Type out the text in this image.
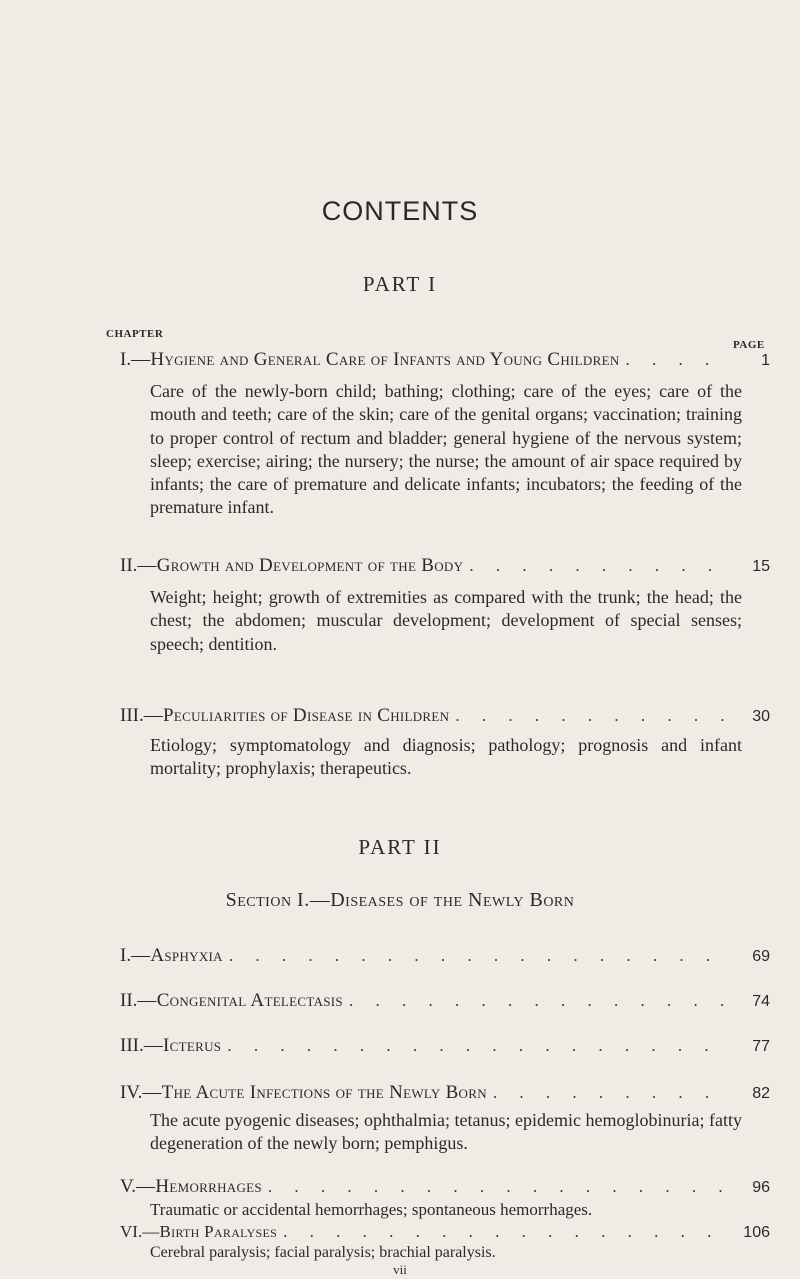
CONTENTS
PART I
CHAPTER
PAGE
I. —Hygiene and General Care of Infants and Young Children . . .	1
Care of the newly-born child; bathing; clothing; care of the eyes; care of the mouth and teeth; care of the skin; care of the genital organs; vaccination; training to proper control of rectum and bladder; general hygiene of the nervous system; sleep; exercise; airing; the nursery; the nurse; the amount of air space required by infants; the care of premature and delicate infants; incubators; the feeding of the premature infant.
II. —Growth and Development of the Body . . .	15
Weight; height; growth of extremities as compared with the trunk; the head; the chest; the abdomen; muscular development; development of special senses; speech; dentition.
III. —Peculiarities of Disease in Children . . .	30
Etiology; symptomatology and diagnosis; pathology; prognosis and infant mortality; prophylaxis; therapeutics.
PART II
Section I.—Diseases of the Newly Born
I. —Asphyxia . . .	69
II. —Congenital Atelectasis . . .	74
III. —Icterus . . .	77
IV. —The Acute Infections of the Newly Born . . .	82
The acute pyogenic diseases; ophthalmia; tetanus; epidemic hemoglobinuria; fatty degeneration of the newly born; pemphigus.
V. —Hemorrhages . . .	96
Traumatic or accidental hemorrhages; spontaneous hemorrhages.
VI. —Birth Paralyses . . .	106
Cerebral paralysis; facial paralysis; brachial paralysis.
vii
